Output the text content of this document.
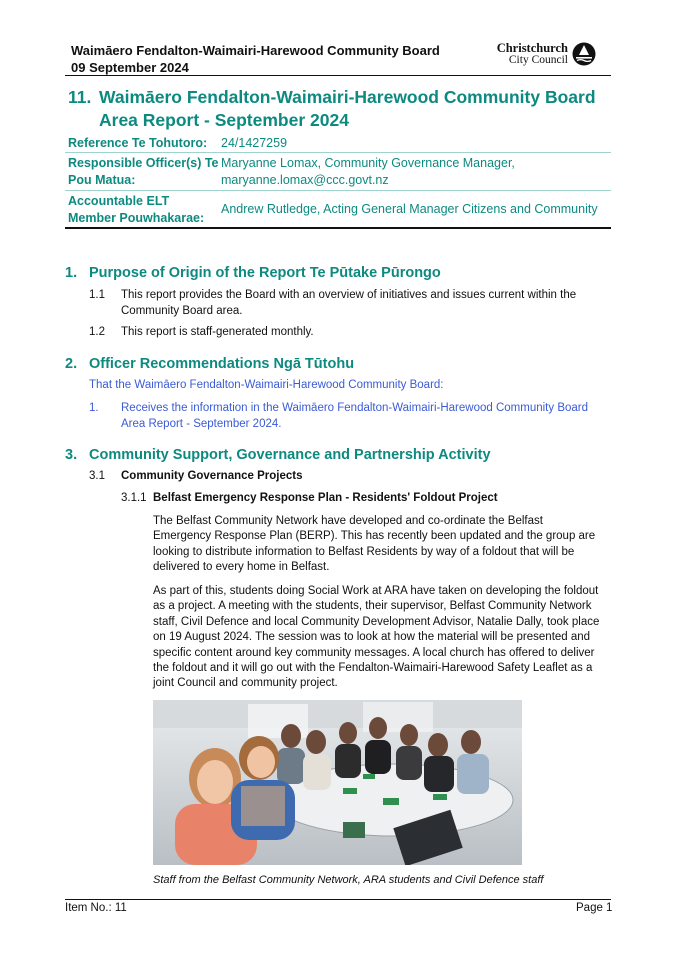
Waimāero Fendalton-Waimairi-Harewood Community Board
09 September 2024
Christchurch
City Council
11. Waimāero Fendalton-Waimairi-Harewood Community Board
Area Report - September 2024
Reference Te Tohutoro: 24/1427259
Responsible Officer(s) Te
Pou Matua:
Maryanne Lomax, Community Governance Manager,
maryanne.lomax@ccc.govt.nz
Accountable ELT
Member Pouwhakarae:
Andrew Rutledge, Acting General Manager Citizens and Community
1. Purpose of Origin of the Report Te Pūtake Pūrongo
1.1 This report provides the Board with an overview of initiatives and issues current within the
Community Board area.
1.2 This report is staff-generated monthly.
2. Officer Recommendations Ngā Tūtohu
That the Waimāero Fendalton-Waimairi-Harewood Community Board:
1. Receives the information in the Waimāero Fendalton-Waimairi-Harewood Community Board
Area Report - September 2024.
3. Community Support, Governance and Partnership Activity
3.1 Community Governance Projects
3.1.1 Belfast Emergency Response Plan - Residents' Foldout Project
The Belfast Community Network have developed and co-ordinate the Belfast
Emergency Response Plan (BERP). This has recently been updated and the group are
looking to distribute information to Belfast Residents by way of a foldout that will be
delivered to every home in Belfast.
As part of this, students doing Social Work at ARA have taken on developing the foldout
as a project. A meeting with the students, their supervisor, Belfast Community Network
staff, Civil Defence and local Community Development Advisor, Natalie Dally, took place
on 19 August 2024. The session was to look at how the material will be presented and
specific content around key community messages. A local church has offered to deliver
the foldout and it will go out with the Fendalton-Waimairi-Harewood Safety Leaflet as a
joint Council and community project.
Staff from the Belfast Community Network, ARA students and Civil Defence staff
Item No.: 11	Page 1
